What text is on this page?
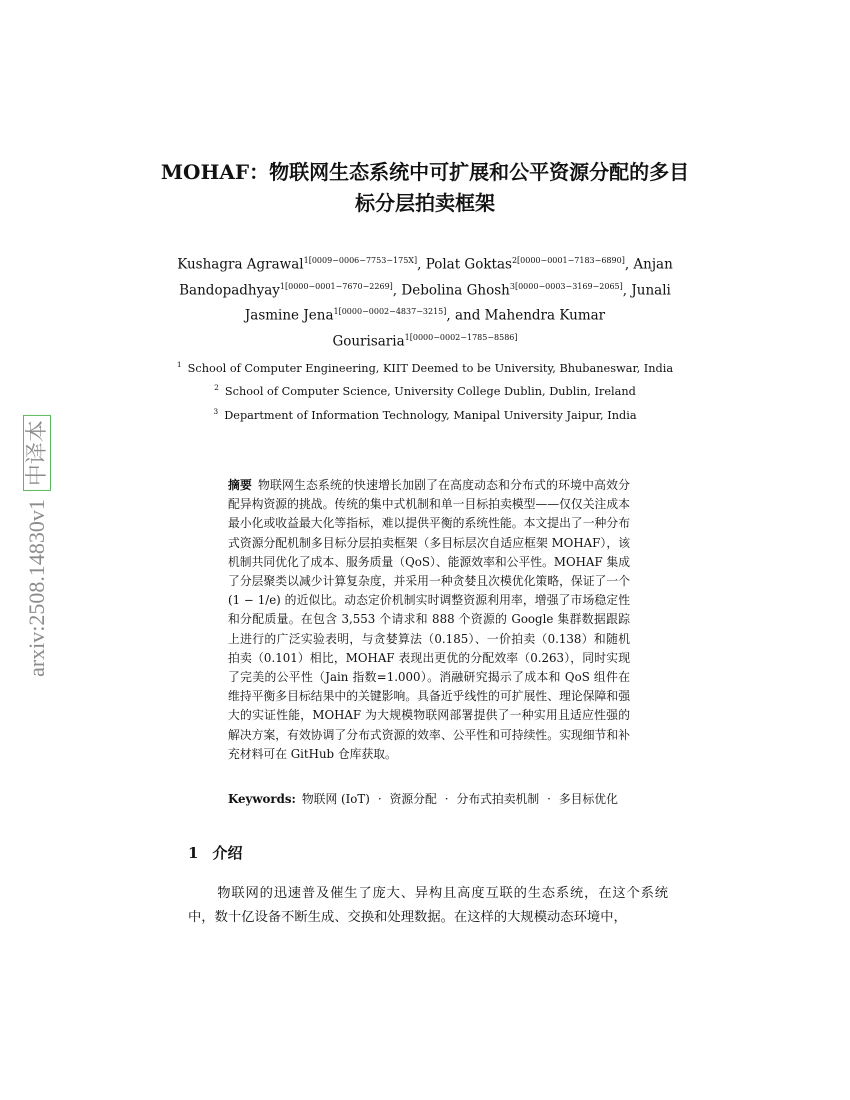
arxiv:2508.14830v1
中译本
MOHAF：物联网生态系统中可扩展和公平资源分配的多目标分层拍卖框架
Kushagra Agrawal$^{1[0009-0006-7753-175X]}$, Polat Goktas$^{2[0000-0001-7183-6890]}$, Anjan Bandopadhyay$^{1[0000-0001-7670-2269]}$, Debolina Ghosh$^{3[0000-0003-3169-2065]}$, Junali Jasmine Jena$^{1[0000-0002-4837-3215]}$, and Mahendra Kumar Gourisaria$^{1[0000-0002-1785-8586]}$
$^1$ School of Computer Engineering, KIIT Deemed to be University, Bhubaneswar, India
$^2$ School of Computer Science, University College Dublin, Dublin, Ireland
$^3$ Department of Information Technology, Manipal University Jaipur, India
摘要 物联网生态系统的快速增长加剧了在高度动态和分布式的环境中高效分配异构资源的挑战。传统的集中式机制和单一目标拍卖模型——仅仅关注成本最小化或收益最大化等指标，难以提供平衡的系统性能。本文提出了一种分布式资源分配机制多目标分层拍卖框架（多目标层次自适应框架 MOHAF），该机制共同优化了成本、服务质量（QoS）、能源效率和公平性。MOHAF 集成了分层聚类以减少计算复杂度，并采用一种贪婪且次模优化策略，保证了一个 (1 − 1/e) 的近似比。动态定价机制实时调整资源利用率，增强了市场稳定性和分配质量。在包含 3,553 个请求和 888 个资源的 Google 集群数据跟踪上进行的广泛实验表明，与贪婪算法（0.185）、一价拍卖（0.138）和随机拍卖（0.101）相比，MOHAF 表现出更优的分配效率（0.263），同时实现了完美的公平性（Jain 指数=1.000）。消融研究揭示了成本和 QoS 组件在维持平衡多目标结果中的关键影响。具备近乎线性的可扩展性、理论保障和强大的实证性能，MOHAF 为大规模物联网部署提供了一种实用且适应性强的解决方案，有效协调了分布式资源的效率、公平性和可持续性。实现细节和补充材料可在 GitHub 仓库获取。
Keywords: 物联网 (IoT) · 资源分配 · 分布式拍卖机制 · 多目标优化
1 介绍
物联网的迅速普及催生了庞大、异构且高度互联的生态系统，在这个系统中，数十亿设备不断生成、交换和处理数据。在这样的大规模动态环境中，
